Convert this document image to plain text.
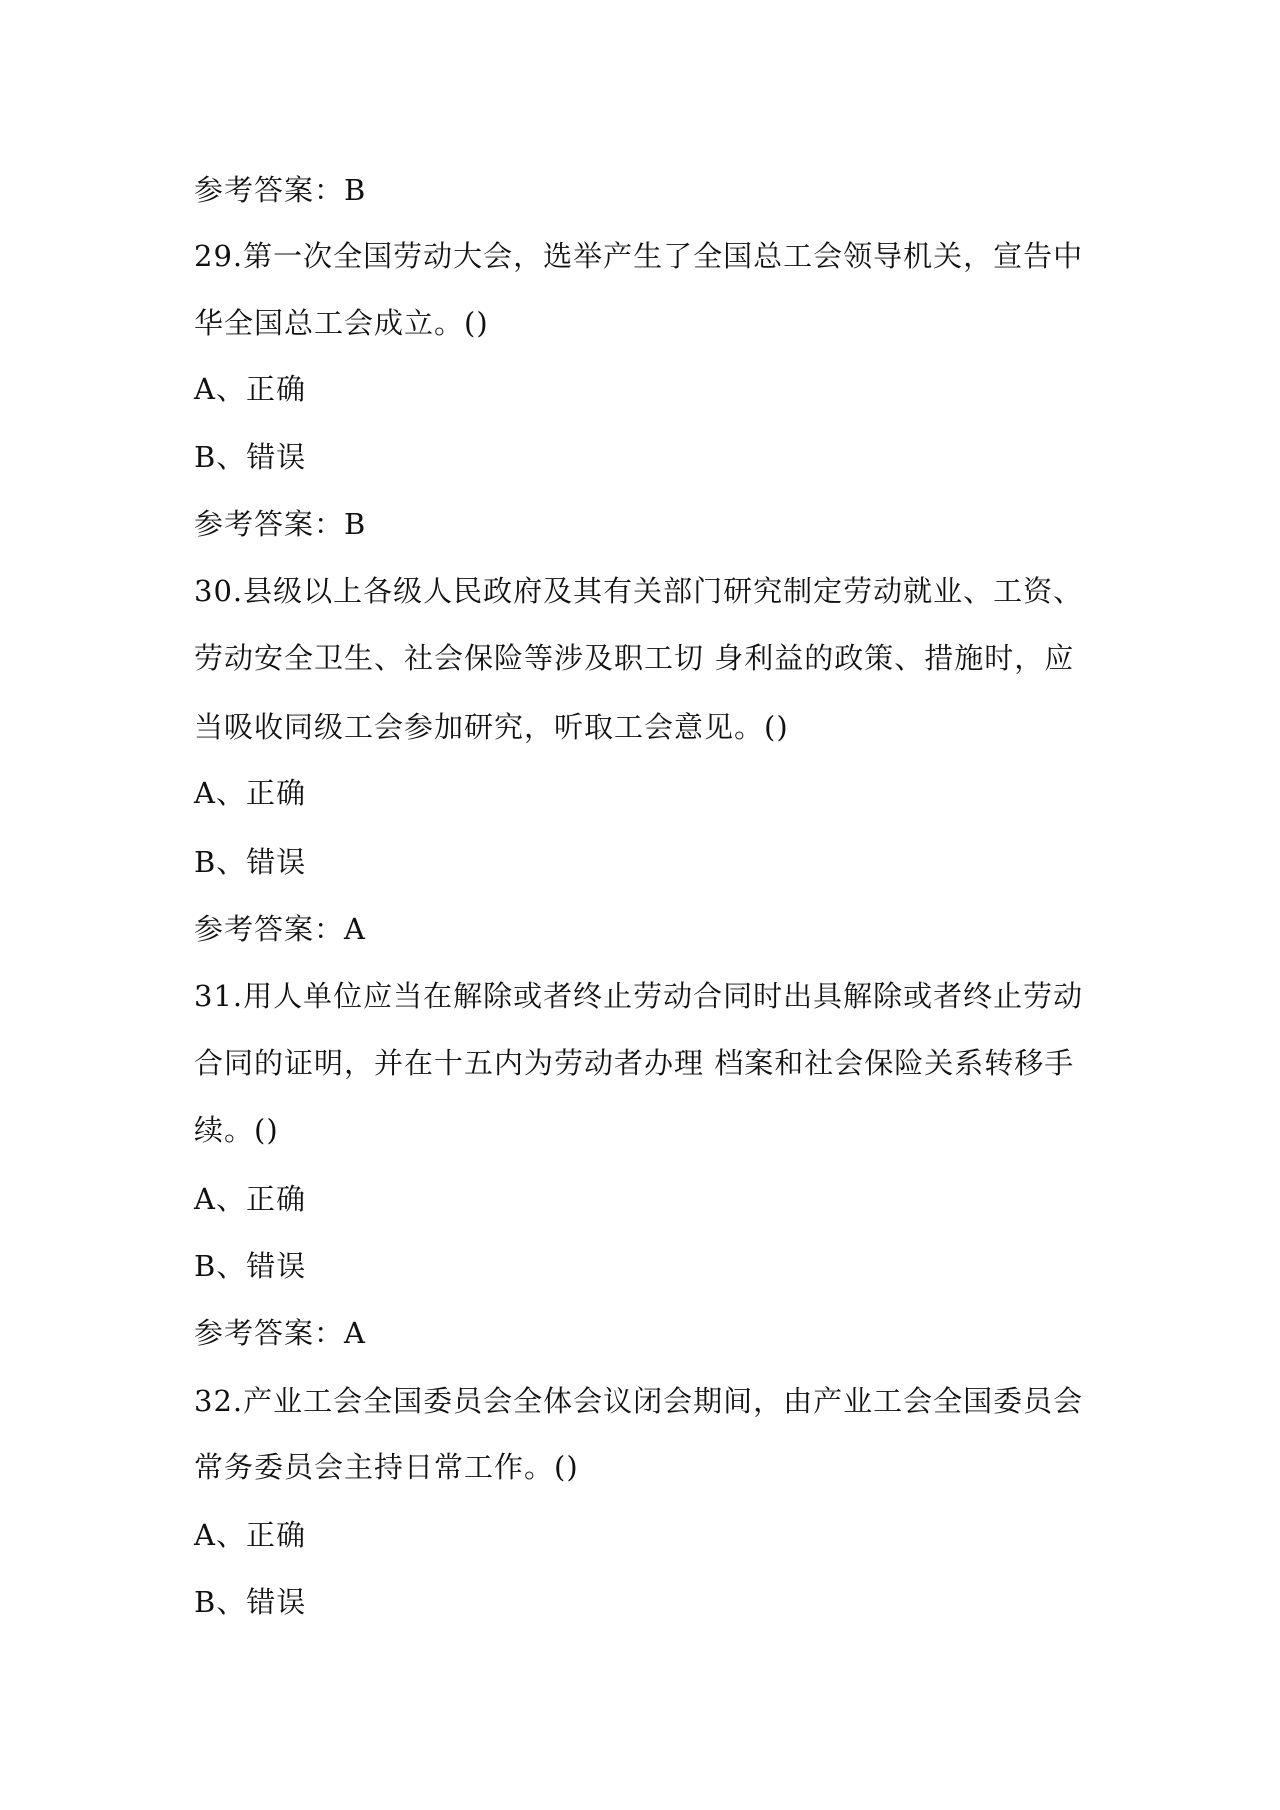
参考答案：B
29.第一次全国劳动大会，选举产生了全国总工会领导机关，宣告中
华全国总工会成立。()
A、正确
B、错误
参考答案：B
30.县级以上各级人民政府及其有关部门研究制定劳动就业、工资、
劳动安全卫生、社会保险等涉及职工切 身利益的政策、措施时，应
当吸收同级工会参加研究，听取工会意见。()
A、正确
B、错误
参考答案：A
31.用人单位应当在解除或者终止劳动合同时出具解除或者终止劳动
合同的证明，并在十五内为劳动者办理 档案和社会保险关系转移手
续。()
A、正确
B、错误
参考答案：A
32.产业工会全国委员会全体会议闭会期间，由产业工会全国委员会
常务委员会主持日常工作。()
A、正确
B、错误
